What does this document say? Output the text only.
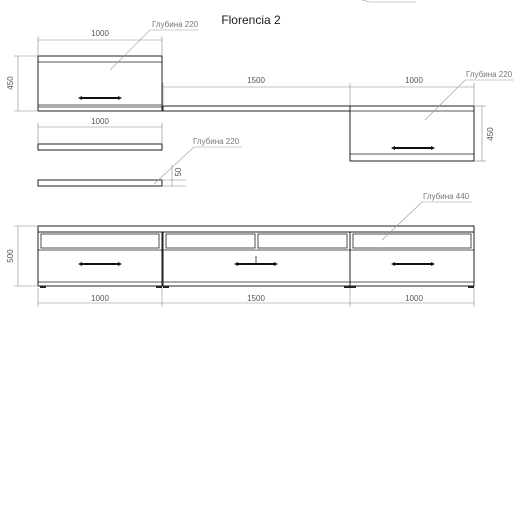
Florencia 2
1000
450
Глубина 220
1500	1000
450
Глубина 220
1000
50
Глубина 220
500
1000	1500	1000
Глубина 440
